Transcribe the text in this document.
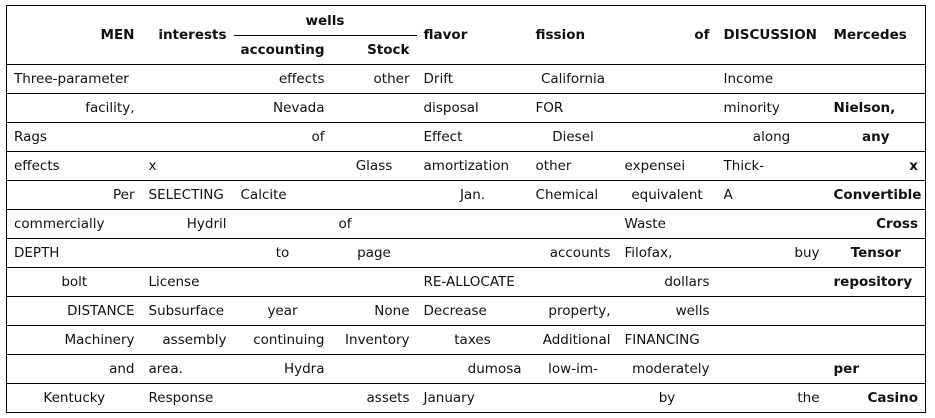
MEN	interests	wells		flavor	fission	of	DISCUSSION	Mercedes
		accounting	Stock					
Three-parameter		effects	other	Drift	California		Income	
facility,		Nevada		disposal	FOR		minority	Nielson,
Rags		of		Effect	Diesel		along	any
effects	x		Glass	amortization	other	expensei	Thick-	x
Per	SELECTING	Calcite		Jan.	Chemical	equivalent	A	Convertible
commercially	Hydril		of			Waste		Cross
DEPTH		to	page		accounts	Filofax,	buy	Tensor
bolt	License			RE-ALLOCATE		dollars		repository
DISTANCE	Subsurface	year	None	Decrease	property,	wells		
Machinery	assembly	continuing	Inventory	taxes	Additional	FINANCING		
and	area.	Hydra		dumosa	low-im-	moderately		per
Kentucky	Response		assets	January		by	the	Casino
